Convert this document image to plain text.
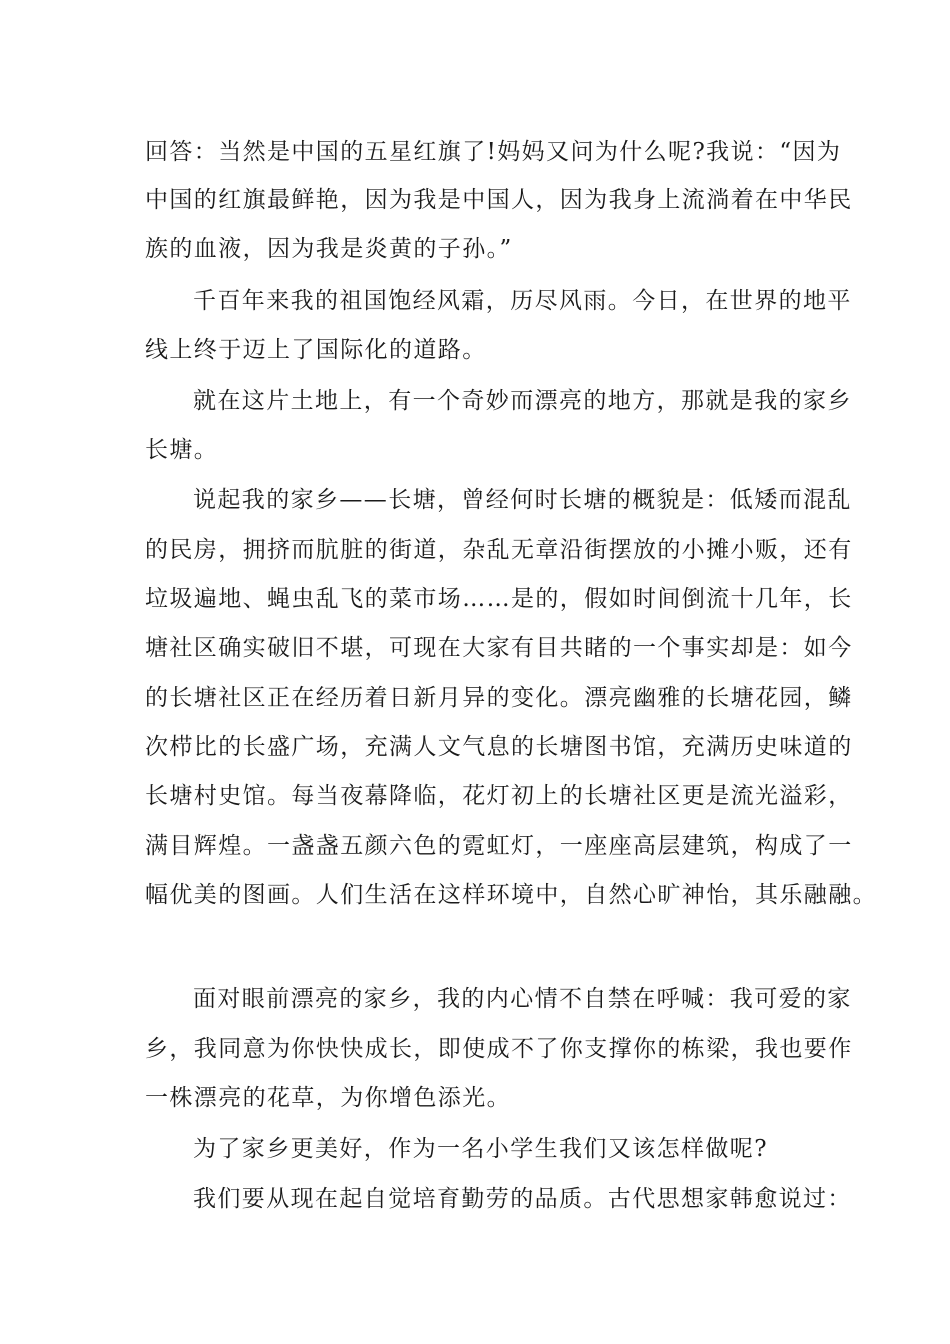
回答：当然是中国的五星红旗了!妈妈又问为什么呢?我说：“因为

中国的红旗最鲜艳，因为我是中国人，因为我身上流淌着在中华民

族的血液，因为我是炎黄的子孙。”

千百年来我的祖国饱经风霜，历尽风雨。今日，在世界的地平

线上终于迈上了国际化的道路。

就在这片土地上，有一个奇妙而漂亮的地方，那就是我的家乡

长塘。

说起我的家乡——长塘，曾经何时长塘的概貌是：低矮而混乱

的民房，拥挤而肮脏的街道，杂乱无章沿街摆放的小摊小贩，还有

垃圾遍地、蝇虫乱飞的菜市场……是的，假如时间倒流十几年，长

塘社区确实破旧不堪，可现在大家有目共睹的一个事实却是：如今

的长塘社区正在经历着日新月异的变化。漂亮幽雅的长塘花园，鳞

次栉比的长盛广场，充满人文气息的长塘图书馆，充满历史味道的

长塘村史馆。每当夜幕降临，花灯初上的长塘社区更是流光溢彩，

满目辉煌。一盏盏五颜六色的霓虹灯，一座座高层建筑，构成了一

幅优美的图画。人们生活在这样环境中，自然心旷神怡，其乐融融。

面对眼前漂亮的家乡，我的内心情不自禁在呼喊：我可爱的家

乡，我同意为你快快成长，即使成不了你支撑你的栋梁，我也要作

一株漂亮的花草，为你增色添光。

为了家乡更美好，作为一名小学生我们又该怎样做呢?

我们要从现在起自觉培育勤劳的品质。古代思想家韩愈说过：
